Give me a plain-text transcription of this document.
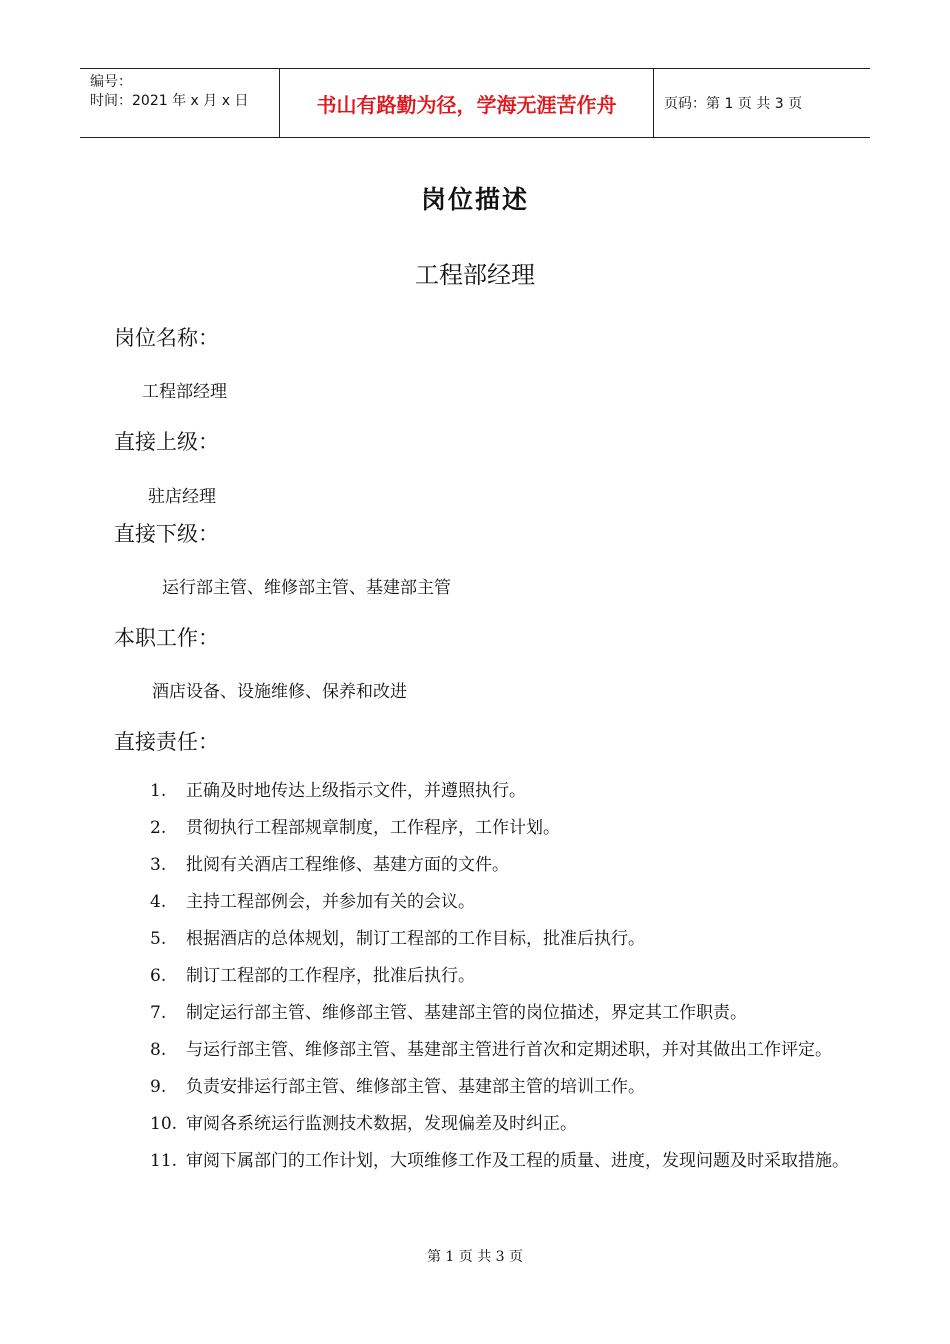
编号：
时间：2021 年 x 月 x 日	书山有路勤为径，学海无涯苦作舟	页码：第 1 页 共 3 页
岗位描述
工程部经理
岗位名称：
工程部经理
直接上级：
驻店经理
直接下级：
运行部主管、维修部主管、基建部主管
本职工作：
酒店设备、设施维修、保养和改进
直接责任：
1.	正确及时地传达上级指示文件，并遵照执行。
2.	贯彻执行工程部规章制度，工作程序，工作计划。
3.	批阅有关酒店工程维修、基建方面的文件。
4.	主持工程部例会，并参加有关的会议。
5.	根据酒店的总体规划，制订工程部的工作目标，批准后执行。
6.	制订工程部的工作程序，批准后执行。
7.	制定运行部主管、维修部主管、基建部主管的岗位描述，界定其工作职责。
8.	与运行部主管、维修部主管、基建部主管进行首次和定期述职，并对其做出工作评定。
9.	负责安排运行部主管、维修部主管、基建部主管的培训工作。
10. 审阅各系统运行监测技术数据，发现偏差及时纠正。
11. 审阅下属部门的工作计划，大项维修工作及工程的质量、进度，发现问题及时采取措施。
第 1 页 共 3 页
